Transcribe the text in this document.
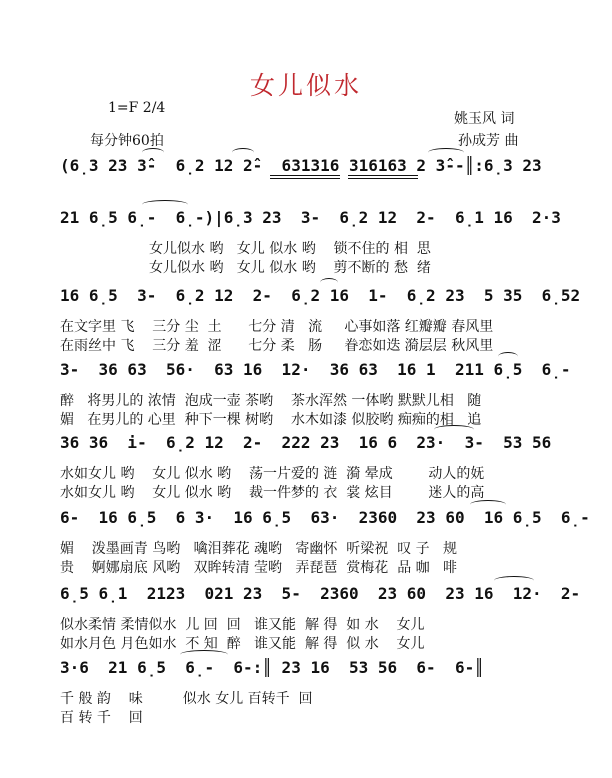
女儿似水
1=F 2/4
每分钟60拍
姚玉风 词
孙成芳 曲
(6̣3 23 3̂-  6̣2 12 2̂-  631316 316163 2 3̂--║:6̣3 23
21 6̣5 6̣-  6̣-)|6̣3 23  3-  6̣2 12  2-  6̣1 16  2·3
女儿似水 哟   女儿 似水 哟    锁不住的 相  思
女儿似水 哟   女儿 似水 哟    剪不断的 愁  绪
16 6̣5  3-  6̣2 12  2-  6̣2 16  1-  6̣2 23  5 35  6̣52
在文字里 飞    三分 尘  土      七分 清   流     心事如落 红瓣瓣 春风里
在雨丝中 飞    三分 羞  涩      七分 柔   肠     眷恋如迭 漪层层 秋风里
3-  36 63  56·  63 16  12·  36 63  16 1  211 6̣5  6̣-
醉   将男儿的 浓情  泡成一壶 茶哟    茶水浑然 一体哟 默默儿相   随
媚   在男儿的 心里  种下一棵 树哟    水木如漆 似胶哟 痴痴的相   追
36 36  i-  6̣2 12  2-  222 23  16 6  23·  3-  53 56
水如女儿 哟    女儿 似水 哟    荡一片爱的 涟  漪 晕成        动人的妩
水如女儿 哟    女儿 似水 哟    裁一件梦的 衣  裳 炫目        迷人的高
6-  16 6̣5  6 3·  16 6̣5  63·  2360  23 60  16 6̣5  6̣-
媚    泼墨画青 鸟哟   噙泪葬花 魂哟   寄幽怀  听梁祝  叹 子   规
贵    婀娜扇底 风哟   双眸转清 莹哟   弄琵琶  赏梅花  品 咖   啡
6̣5 6̣1  2123  021 23  5-  2360  23 60  23 16  12·  2-
似水柔情 柔情似水  儿 回  回   谁又能  解 得  如 水    女儿
如水月色 月色如水  不 知  醉   谁又能  解 得  似 水    女儿
3·6  21 6̣5  6̣-  6-:║ 23 16  53 56  6-  6-║
千 般 韵    味         似水 女儿 百转千  回
百 转 千    回
